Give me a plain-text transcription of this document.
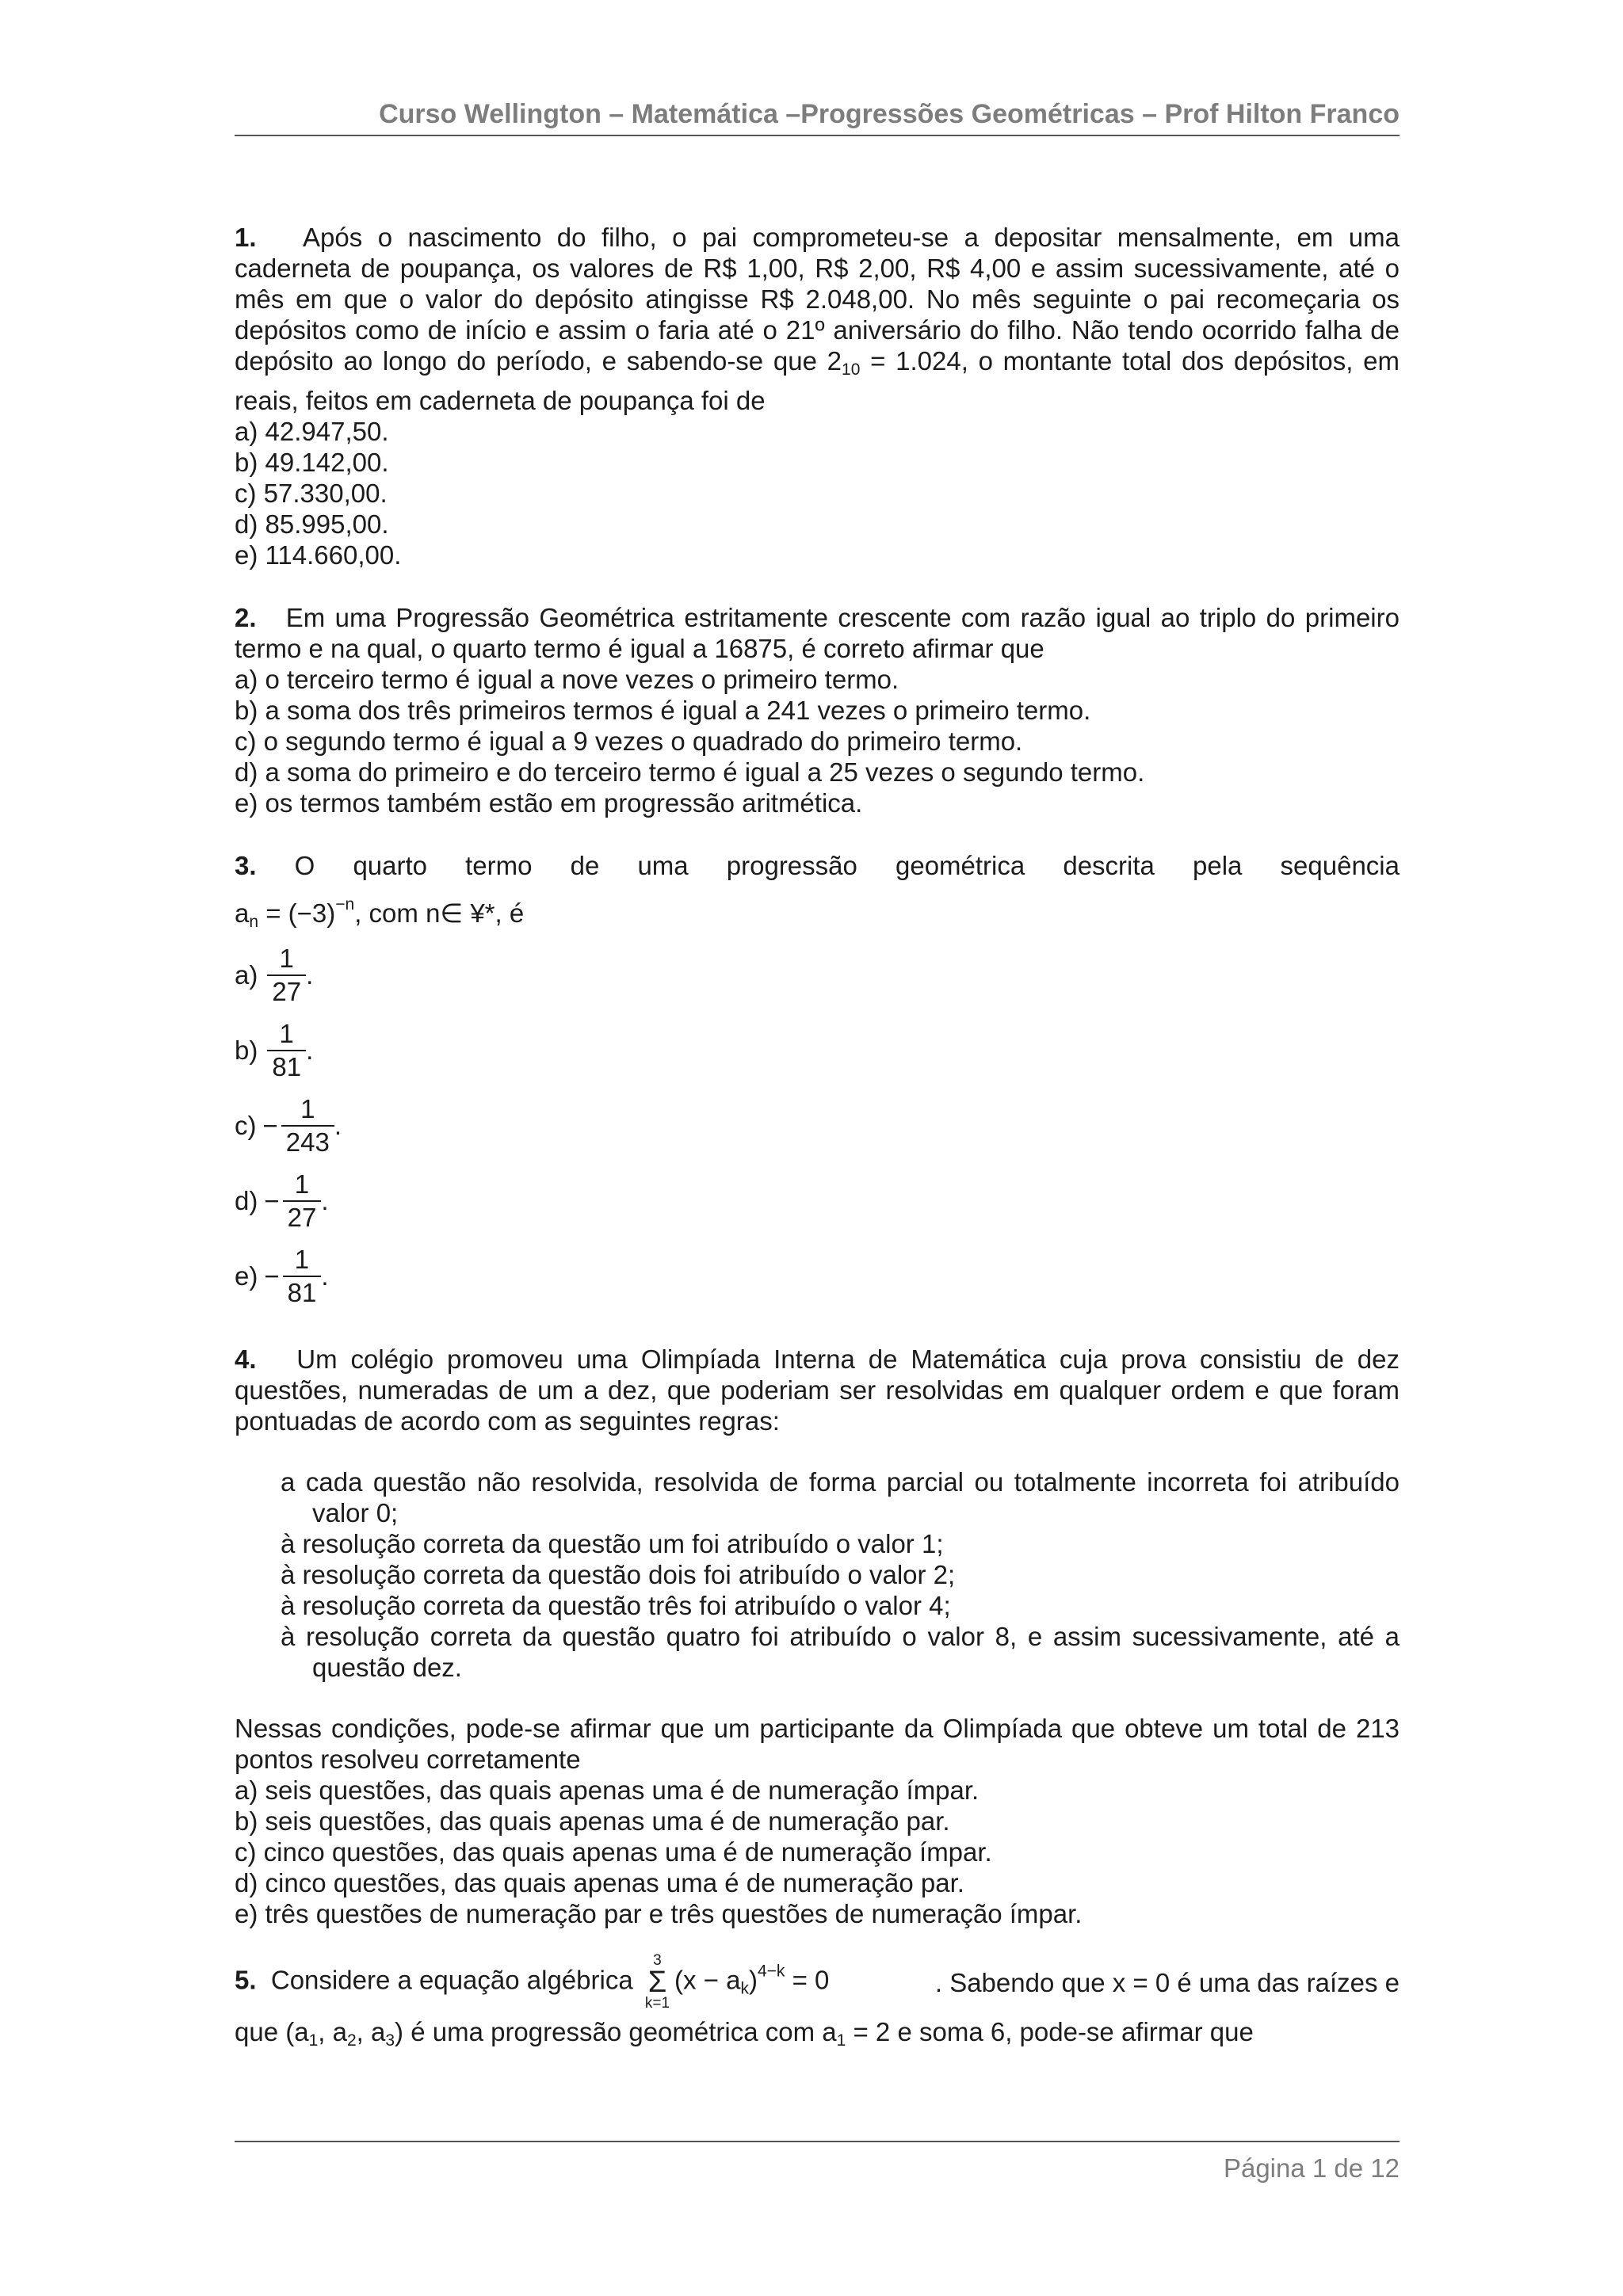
Curso Wellington – Matemática –Progressões Geométricas – Prof Hilton Franco

1. Após o nascimento do filho, o pai comprometeu-se a depositar mensalmente, em uma caderneta de poupança, os valores de R$ 1,00, R$ 2,00, R$ 4,00 e assim sucessivamente, até o mês em que o valor do depósito atingisse R$ 2.048,00. No mês seguinte o pai recomeçaria os depósitos como de início e assim o faria até o 21º aniversário do filho. Não tendo ocorrido falha de depósito ao longo do período, e sabendo-se que $2_{10} = 1.024$, o montante total dos depósitos, em reais, feitos em caderneta de poupança foi de

a) 42.947,50.
b) 49.142,00.
c) 57.330,00.
d) 85.995,00.
e) 114.660,00.

2. Em uma Progressão Geométrica estritamente crescente com razão igual ao triplo do primeiro termo e na qual, o quarto termo é igual a 16875, é correto afirmar que

a) o terceiro termo é igual a nove vezes o primeiro termo.
b) a soma dos três primeiros termos é igual a 241 vezes o primeiro termo.
c) o segundo termo é igual a 9 vezes o quadrado do primeiro termo.
d) a soma do primeiro e do terceiro termo é igual a 25 vezes o segundo termo.
e) os termos também estão em progressão aritmética.

3. O quarto termo de uma progressão geométrica descrita pela sequência

$a_n = (-3)^{-n}$, com n∈ ¥*, é

$a) \frac{1}{27}$ .
$b) \frac{1}{81}$ .
$c) - \frac{1}{243}$ .
$d) - \frac{1}{27}$ .
$e) - \frac{1}{81}$ .

4. Um colégio promoveu uma Olimpíada Interna de Matemática cuja prova consistiu de dez questões, numeradas de um a dez, que poderiam ser resolvidas em qualquer ordem e que foram pontuadas de acordo com as seguintes regras:

a cada questão não resolvida, resolvida de forma parcial ou totalmente incorreta foi atribuído valor 0;

à resolução correta da questão um foi atribuído o valor 1;

à resolução correta da questão dois foi atribuído o valor 2;

à resolução correta da questão três foi atribuído o valor 4;

à resolução correta da questão quatro foi atribuído o valor 8, e assim sucessivamente, até a questão dez.

Nessas condições, pode-se afirmar que um participante da Olimpíada que obteve um total de 213 pontos resolveu corretamente

a) seis questões, das quais apenas uma é de numeração ímpar.
b) seis questões, das quais apenas uma é de numeração par.
c) cinco questões, das quais apenas uma é de numeração ímpar.
d) cinco questões, das quais apenas uma é de numeração par.
e) três questões de numeração par e três questões de numeração ímpar.

5. Considere a equação algébrica
3
Σ
k=1
$(x - a_k)^{4-k} = 0$	. Sabendo que x = 0 é uma das raízes e

que ($a_1$, $a_2$, $a_3$) é uma progressão geométrica com $a_1 = 2$ e soma 6, pode-se afirmar que

Página 1 de 12
